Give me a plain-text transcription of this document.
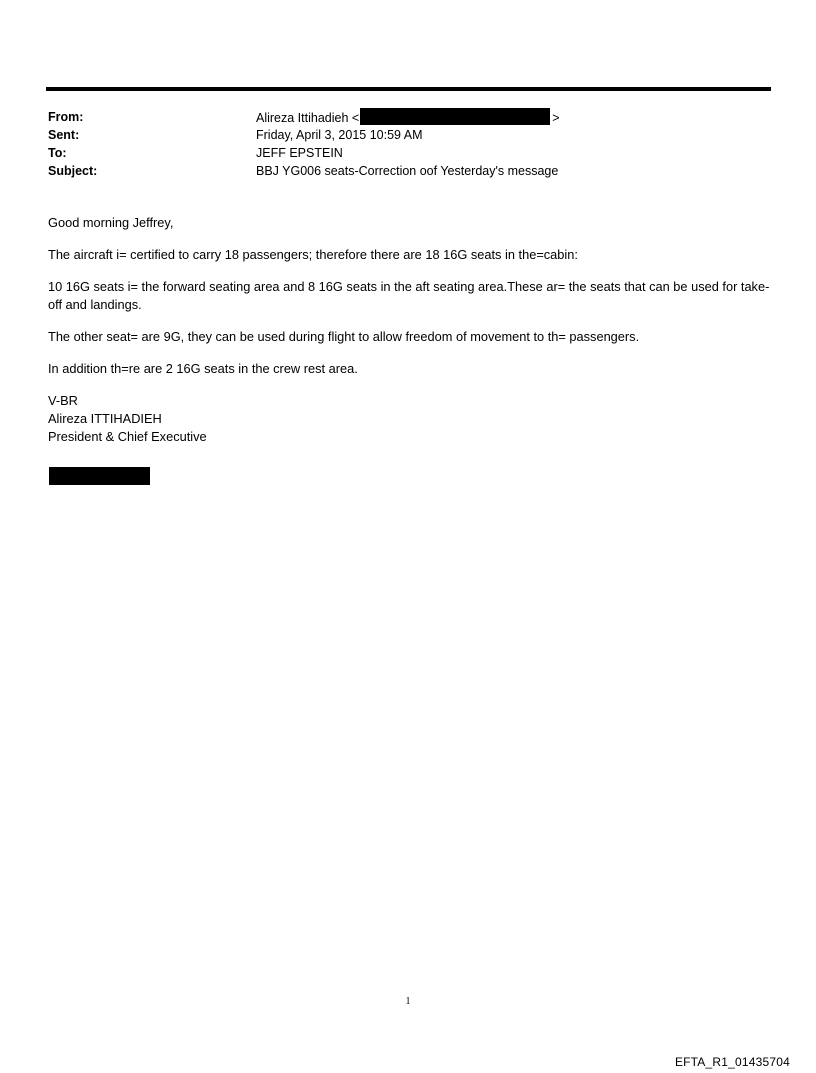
From:	Alireza Ittihadieh <	>
Sent:	Friday, April 3, 2015 10:59 AM
To:	JEFF EPSTEIN
Subject:	BBJ YG006 seats-Correction oof Yesterday's message

Good morning Jeffrey,

The aircraft i= certified to carry 18 passengers; therefore there are 18 16G seats in the=cabin:

10 16G seats i= the forward seating area and 8 16G seats in the aft seating area.These ar= the seats that can be used for take-off and landings.

The other seat= are 9G, they can be used during flight to allow freedom of movement to th= passengers.

In addition th=re are 2 16G seats in the crew rest area.

V-BR
Alireza ITTIHADIEH
President & Chief Executive
1
EFTA_R1_01435704
